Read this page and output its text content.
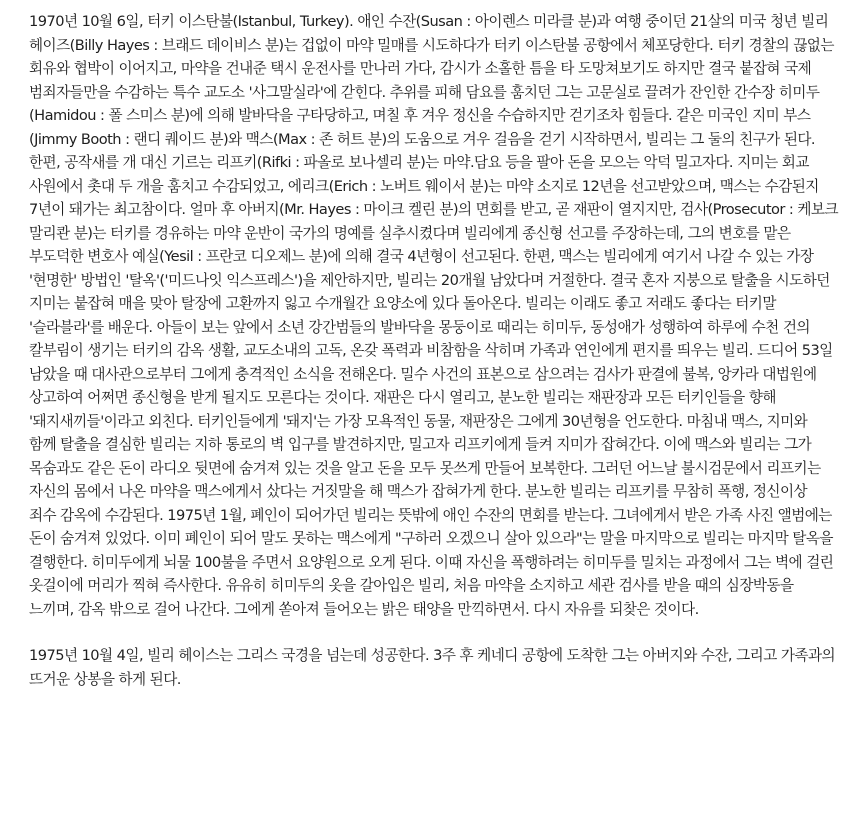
1970년 10월 6일, 터키 이스탄불(Istanbul, Turkey). 애인 수잔(Susan : 아이렌스 미라클 분)과 여행 중이던 21살의 미국 청년 빌리 헤이즈(Billy Hayes : 브래드 데이비스 분)는 겁없이 마약 밀매를 시도하다가 터키 이스탄불 공항에서 체포당한다. 터키 경찰의 끊없는 회유와 협박이 이어지고, 마약을 건내준 택시 운전사를 만나러 가다, 감시가 소홀한 틈을 타 도망쳐보기도 하지만 결국 붙잡혀 국제 범죄자들만을 수감하는 특수 교도소 '사그말실라'에 갇힌다. 추위를 피해 담요를 훔치던 그는 고문실로 끌려가 잔인한 간수장 히미두(Hamidou : 폴 스미스 분)에 의해 발바닥을 구타당하고, 며칠 후 겨우 정신을 수습하지만 걷기조차 힘들다. 같은 미국인 지미 부스(Jimmy Booth : 랜디 퀘이드 분)와 맥스(Max : 존 허트 분)의 도움으로 겨우 걸음을 걷기 시작하면서, 빌리는 그 둘의 친구가 된다. 한편, 공작새를 개 대신 기르는 리프키(Rifki : 파올로 보나셀리 분)는 마약.담요 등을 팔아 돈을 모으는 악덕 밀고자다. 지미는 회교 사원에서 촛대 두 개을 훔치고 수감되었고, 에리크(Erich : 노버트 웨이서 분)는 마약 소지로 12년을 선고받았으며, 맥스는 수감된지 7년이 돼가는 최고참이다. 얼마 후 아버지(Mr. Hayes : 마이크 켈린 분)의 면회를 받고, 곧 재판이 열지지만, 검사(Prosecutor : 케보크 말리콴 분)는 터키를 경유하는 마약 운반이 국가의 명예를 실추시켰다며 빌리에게 종신형 선고를 주장하는데, 그의 변호를 맡은 부도덕한 변호사 예실(Yesil : 프란코 디오제느 분)에 의해 결국 4년형이 선고된다. 한편, 맥스는 빌리에게 여기서 나갈 수 있는 가장 '현명한' 방법인 '탈옥'('미드나잇 익스프레스')을 제안하지만, 빌리는 20개월 남았다며 거절한다. 결국 혼자 지붕으로 탈출을 시도하던 지미는 붙잡혀 매을 맞아 탈장에 고환까지 잃고 수개월간 요양소에 있다 돌아온다. 빌리는 이래도 좋고 저래도 좋다는 터키말 '슬라블라'를 배운다. 아들이 보는 앞에서 소년 강간범들의 발바닥을 몽둥이로 때리는 히미두, 동성애가 성행하여 하루에 수천 건의 칼부림이 생기는 터키의 감옥 생활, 교도소내의 고독, 온갖 폭력과 비참함을 삭히며 가족과 연인에게 편지를 띄우는 빌리. 드디어 53일 남았을 때 대사관으로부터 그에게 충격적인 소식을 전해온다. 밀수 사건의 표본으로 삼으려는 검사가 판결에 불복, 앙카라 대법원에 상고하여 어쩌면 종신형을 받게 될지도 모른다는 것이다. 재판은 다시 열리고, 분노한 빌리는 재판장과 모든 터키인들을 향해 '돼지새끼들'이라고 외친다. 터키인들에게 '돼지'는 가장 모욕적인 동물, 재판장은 그에게 30년형을 언도한다. 마침내 맥스, 지미와 함께 탈출을 결심한 빌리는 지하 통로의 벽 입구를 발견하지만, 밀고자 리프키에게 들켜 지미가 잡혀간다. 이에 맥스와 빌리는 그가 목숨과도 같은 돈이 라디오 뒷면에 숨겨져 있는 것을 알고 돈을 모두 못쓰게 만들어 보복한다. 그러던 어느날 불시검문에서 리프키는 자신의 몸에서 나온 마약을 맥스에게서 샀다는 거짓말을 해 맥스가 잡혀가게 한다. 분노한 빌리는 리프키를 무참히 폭행, 정신이상 죄수 감옥에 수감된다. 1975년 1월, 폐인이 되어가던 빌리는 뜻밖에 애인 수잔의 면회를 받는다. 그녀에게서 받은 가족 사진 앨범에는 돈이 숨겨져 있었다. 이미 폐인이 되어 말도 못하는 맥스에게 "구하러 오겠으니 살아 있으라"는 말을 마지막으로 빌리는 마지막 탈옥을 결행한다. 히미두에게 뇌물 100불을 주면서 요양원으로 오게 된다. 이때 자신을 폭행하려는 히미두를 밀치는 과정에서 그는 벽에 걸린 옷걸이에 머리가 찍혀 즉사한다. 유유히 히미두의 옷을 갈아입은 빌리, 처음 마약을 소지하고 세관 검사를 받을 때의 심장박동을 느끼며, 감옥 밖으로 걸어 나간다. 그에게 쏟아져 들어오는 밝은 태양을 만끽하면서. 다시 자유를 되찾은 것이다.

1975년 10월 4일, 빌리 헤이스는 그리스 국경을 넘는데 성공한다. 3주 후 케네디 공항에 도착한 그는 아버지와 수잔, 그리고 가족과의 뜨거운 상봉을 하게 된다.
